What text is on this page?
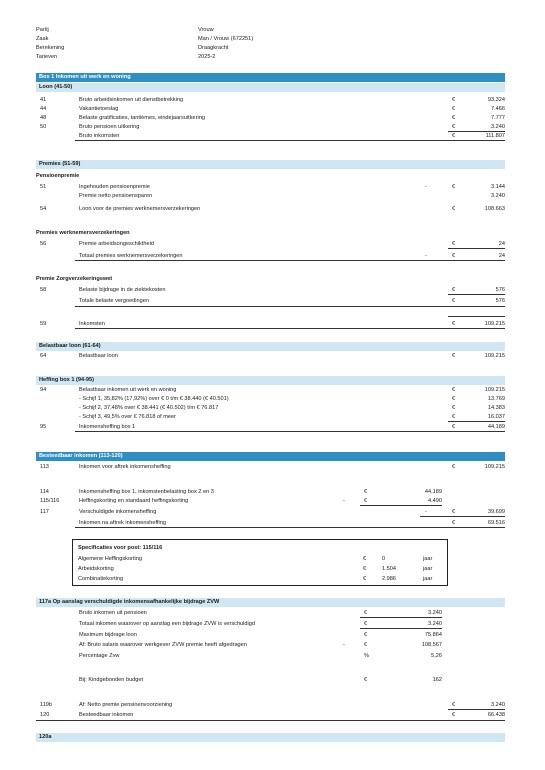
Partij	Vrouw
Zaak	Man / Vrouw (672251)
Berekening	Draagkracht
Tarieven	2025-2
Box 1 Inkomen uit werk en woning
Loon (41-50)
41	Bruto arbeidsinkomen uit dienstbetrekking	€	93.324
44	Vakantietoeslag	€	7.466
48	Belaste gratificaties, tantièmes, eindejaarsuitkering	€	7.777
50	Bruto pensioen uitkering	€	3.240
Bruto inkomsten	€	111.807
Premies (51-59)
Pensioenpremie
51	Ingehouden pensioenpremie	-	€	3.144
Premie netto pensioensparen	3.240
54	Loon voor de premies werknemersverzekeringen	€	108.663
Premies werknemersverzekeringen
56	Premie arbeidsongeschiktheid	€	24
Totaal premies werknemersverzekeringen	-	€	24
Premie Zorgverzekeringswet
58	Belaste bijdrage in de ziektekosten	€	576
Totale belaste vergoedingen	€	576
59	Inkomsten	€	109.215
Belastbaar loon (61-64)
64	Belastbaar loon	€	109.215
Heffing box 1 (94-95)
94	Belastbaar inkomen uit werk en woning	€	109.215
- Schijf 1, 35,82% (17,92%) over € 0 t/m € 38.440 (€ 40.501)	€	13.769
- Schijf 2, 37,48% over € 38.441 (€ 40.502) t/m € 76.817	€	14.383
- Schijf 3, 49,5% over € 76.818 of meer	€	16.037
95	Inkomensheffing box 1	€	44.189
Besteedbaar inkomen (113-120)
113	Inkomen voor aftrek inkomensheffing	€	109.215
114	Inkomensheffing box 1, inkomstenbelasting box 2 en 3	€	44.189
115/116	Heffingskorting en standaard heffingskorting	-	€	4.490
117	Verschuldigde inkomensheffing	-	€	39.699
Inkomen na aftrek inkomensheffing	€	69.516
Specificaties voor post: 115/116
Algemene Heffingskorting	€	0	jaar
Arbeidskorting	€	1.504	jaar
Combinatiekorting	€	2.986	jaar
117a Op aanslag verschuldigde inkomensafhankelijke bijdrage ZVW
Bruto inkomen uit pensioen	€	3.240
Totaal inkomen waarover op aanslag een bijdrage ZVW is verschuldigd	€	3.240
Maximum bijdrage loon	€	75.864
Af: Bruto salaris waarover werkgever ZVW premie heeft afgedragen	-	€	108.567
Percentage Zvw	%	5,26
Bij: Kindgebonden budget	€	162
119b	Af: Netto premie pensioenvoorziening	€	3.240
120	Besteedbaar inkomen	€	66.438
120a
